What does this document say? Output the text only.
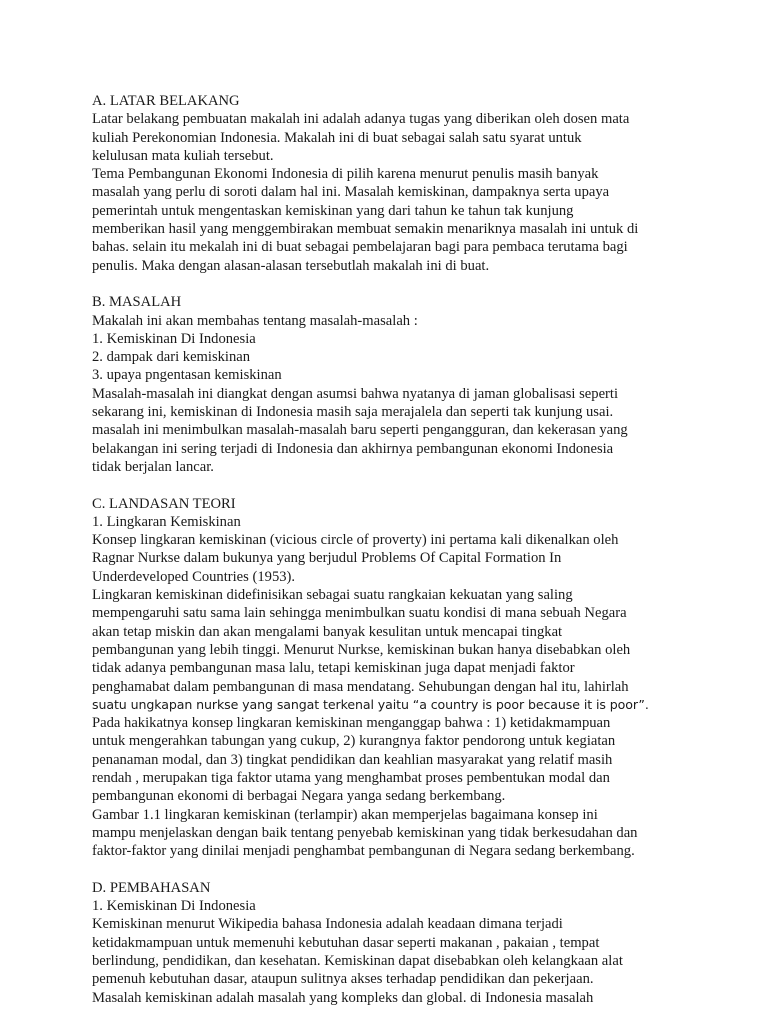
A. LATAR BELAKANG
Latar belakang pembuatan makalah ini adalah adanya tugas yang diberikan oleh dosen mata
kuliah Perekonomian Indonesia. Makalah ini di buat sebagai salah satu syarat untuk
kelulusan mata kuliah tersebut.
Tema Pembangunan Ekonomi Indonesia di pilih karena menurut penulis masih banyak
masalah yang perlu di soroti dalam hal ini. Masalah kemiskinan, dampaknya serta upaya
pemerintah untuk mengentaskan kemiskinan yang dari tahun ke tahun tak kunjung
memberikan hasil yang menggembirakan membuat semakin menariknya masalah ini untuk di
bahas. selain itu mekalah ini di buat sebagai pembelajaran bagi para pembaca terutama bagi
penulis. Maka dengan alasan-alasan tersebutlah makalah ini di buat.
B. MASALAH
Makalah ini akan membahas tentang masalah-masalah :
1. Kemiskinan Di Indonesia
2. dampak dari kemiskinan
3. upaya pngentasan kemiskinan
Masalah-masalah ini diangkat dengan asumsi bahwa nyatanya di jaman globalisasi seperti
sekarang ini, kemiskinan di Indonesia masih saja merajalela dan seperti tak kunjung usai.
masalah ini menimbulkan masalah-masalah baru seperti pengangguran, dan kekerasan yang
belakangan ini sering terjadi di Indonesia dan akhirnya pembangunan ekonomi Indonesia
tidak berjalan lancar.
C. LANDASAN TEORI
1. Lingkaran Kemiskinan
Konsep lingkaran kemiskinan (vicious circle of proverty) ini pertama kali dikenalkan oleh
Ragnar Nurkse dalam bukunya yang berjudul Problems Of Capital Formation In
Underdeveloped Countries (1953).
Lingkaran kemiskinan didefinisikan sebagai suatu rangkaian kekuatan yang saling
mempengaruhi satu sama lain sehingga menimbulkan suatu kondisi di mana sebuah Negara
akan tetap miskin dan akan mengalami banyak kesulitan untuk mencapai tingkat
pembangunan yang lebih tinggi. Menurut Nurkse, kemiskinan bukan hanya disebabkan oleh
tidak adanya pembangunan masa lalu, tetapi kemiskinan juga dapat menjadi faktor
penghamabat dalam pembangunan di masa mendatang. Sehubungan dengan hal itu, lahirlah
suatu ungkapan nurkse yang sangat terkenal yaitu “a country is poor because it is poor”.
Pada hakikatnya konsep lingkaran kemiskinan menganggap bahwa : 1) ketidakmampuan
untuk mengerahkan tabungan yang cukup, 2) kurangnya faktor pendorong untuk kegiatan
penanaman modal, dan 3) tingkat pendidikan dan keahlian masyarakat yang relatif masih
rendah , merupakan tiga faktor utama yang menghambat proses pembentukan modal dan
pembangunan ekonomi di berbagai Negara yanga sedang berkembang.
Gambar 1.1 lingkaran kemiskinan (terlampir) akan memperjelas bagaimana konsep ini
mampu menjelaskan dengan baik tentang penyebab kemiskinan yang tidak berkesudahan dan
faktor-faktor yang dinilai menjadi penghambat pembangunan di Negara sedang berkembang.
D. PEMBAHASAN
1. Kemiskinan Di Indonesia
Kemiskinan menurut Wikipedia bahasa Indonesia adalah keadaan dimana terjadi
ketidakmampuan untuk memenuhi kebutuhan dasar seperti makanan , pakaian , tempat
berlindung, pendidikan, dan kesehatan. Kemiskinan dapat disebabkan oleh kelangkaan alat
pemenuh kebutuhan dasar, ataupun sulitnya akses terhadap pendidikan dan pekerjaan.
Masalah kemiskinan adalah masalah yang kompleks dan global. di Indonesia masalah
